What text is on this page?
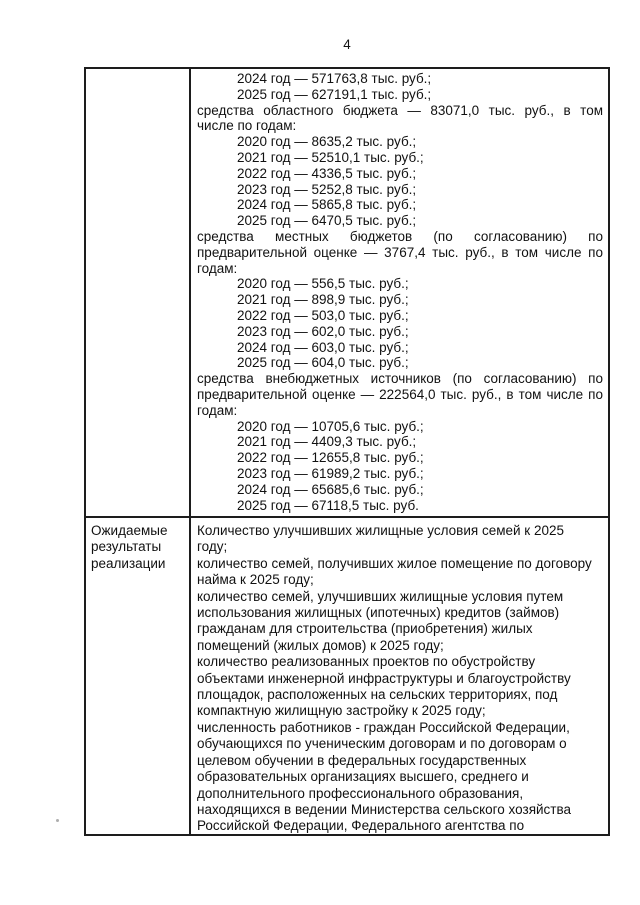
4
2024 год — 571763,8 тыс. руб.;
2025 год — 627191,1 тыс. руб.;
средства областного бюджета — 83071,0 тыс. руб., в том
числе по годам:
2020 год — 8635,2 тыс. руб.;
2021 год — 52510,1 тыс. руб.;
2022 год — 4336,5 тыс. руб.;
2023 год — 5252,8 тыс. руб.;
2024 год — 5865,8 тыс. руб.;
2025 год — 6470,5 тыс. руб.;
средства местных бюджетов (по согласованию) по
предварительной оценке — 3767,4 тыс. руб., в том числе по
годам:
2020 год — 556,5 тыс. руб.;
2021 год — 898,9 тыс. руб.;
2022 год — 503,0 тыс. руб.;
2023 год — 602,0 тыс. руб.;
2024 год — 603,0 тыс. руб.;
2025 год — 604,0 тыс. руб.;
средства внебюджетных источников (по согласованию) по
предварительной оценке — 222564,0 тыс. руб., в том числе по
годам:
2020 год — 10705,6 тыс. руб.;
2021 год — 4409,3 тыс. руб.;
2022 год — 12655,8 тыс. руб.;
2023 год — 61989,2 тыс. руб.;
2024 год — 65685,6 тыс. руб.;
2025 год — 67118,5 тыс. руб.
Ожидаемые результаты реализации
Количество улучшивших жилищные условия семей к 2025
году;
количество семей, получивших жилое помещение по договору
найма к 2025 году;
количество семей, улучшивших жилищные условия путем
использования жилищных (ипотечных) кредитов (займов)
гражданам для строительства (приобретения) жилых
помещений (жилых домов) к 2025 году;
количество реализованных проектов по обустройству
объектами инженерной инфраструктуры и благоустройству
площадок, расположенных на сельских территориях, под
компактную жилищную застройку к 2025 году;
численность работников - граждан Российской Федерации,
обучающихся по ученическим договорам и по договорам о
целевом обучении в федеральных государственных
образовательных организациях высшего, среднего и
дополнительного профессионального образования,
находящихся в ведении Министерства сельского хозяйства
Российской Федерации, Федерального агентства по
